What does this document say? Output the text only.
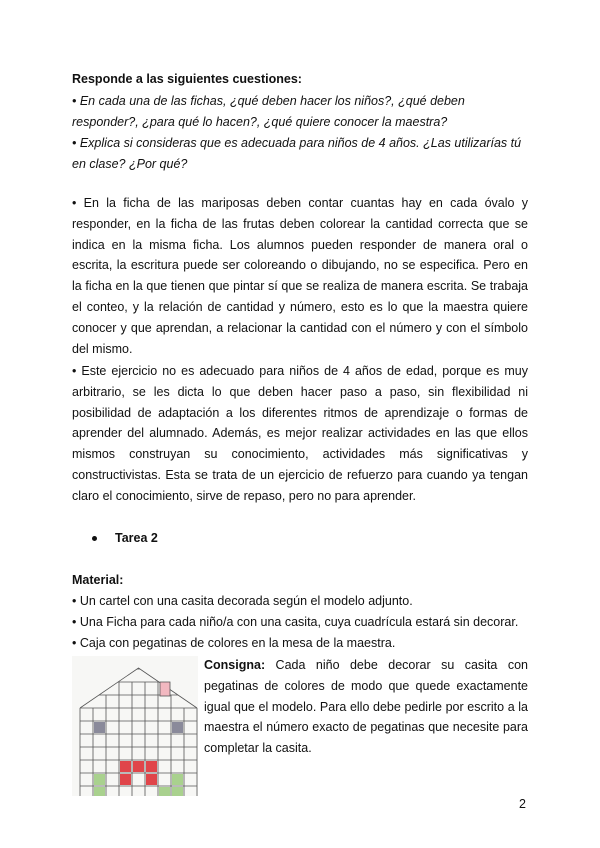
Responde a las siguientes cuestiones:
• En cada una de las fichas, ¿qué deben hacer los niños?, ¿qué deben responder?, ¿para qué lo hacen?, ¿qué quiere conocer la maestra?
• Explica si consideras que es adecuada para niños de 4 años. ¿Las utilizarías tú en clase? ¿Por qué?
• En la ficha de las mariposas deben contar cuantas hay en cada óvalo y responder, en la ficha de las frutas deben colorear la cantidad correcta que se indica en la misma ficha. Los alumnos pueden responder de manera oral o escrita, la escritura puede ser coloreando o dibujando, no se especifica. Pero en la ficha en la que tienen que pintar sí que se realiza de manera escrita. Se trabaja el conteo, y la relación de cantidad y número, esto es lo que la maestra quiere conocer y que aprendan, a relacionar la cantidad con el número y con el símbolo del mismo.
• Este ejercicio no es adecuado para niños de 4 años de edad, porque es muy arbitrario, se les dicta lo que deben hacer paso a paso, sin flexibilidad ni posibilidad de adaptación a los diferentes ritmos de aprendizaje o formas de aprender del alumnado. Además, es mejor realizar actividades en las que ellos mismos construyan su conocimiento, actividades más significativas y constructivistas. Esta se trata de un ejercicio de refuerzo para cuando ya tengan claro el conocimiento, sirve de repaso, pero no para aprender.
Tarea 2
Material:
• Un cartel con una casita decorada según el modelo adjunto.
• Una Ficha para cada niño/a con una casita, cuya cuadrícula estará sin decorar.
• Caja con pegatinas de colores en la mesa de la maestra.
Consigna: Cada niño debe decorar su casita con pegatinas de colores de modo que quede exactamente igual que el modelo. Para ello debe pedirle por escrito a la maestra el número exacto de pegatinas que necesite para completar la casita.
2
